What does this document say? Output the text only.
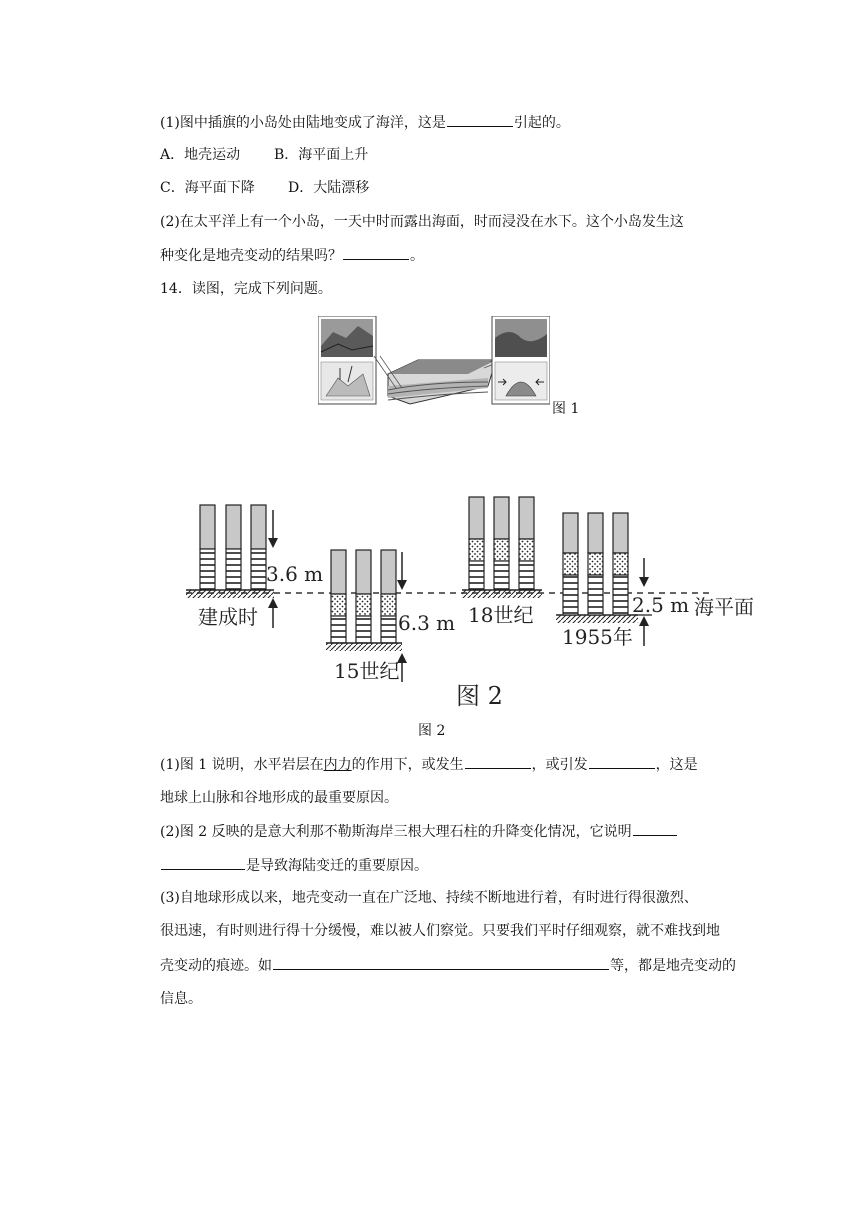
(1)图中插旗的小岛处由陆地变成了海洋，这是	引起的。
A．地壳运动 B．海平面上升
C．海平面下降 D．大陆漂移
(2)在太平洋上有一个小岛，一天中时而露出海面，时而浸没在水下。这个小岛发生这
种变化是地壳变动的结果吗？	。
14．读图，完成下列问题。
图 1
3.6 m
建成时	6.3 m
15世纪
18世纪	2.5 m
1955年
海平面
图 2
图 2
(1)图 1 说明，水平岩层在内力的作用下，或发生	，或引发	，这是
地球上山脉和谷地形成的最重要原因。
(2)图 2 反映的是意大利那不勒斯海岸三根大理石柱的升降变化情况，它说明
是导致海陆变迁的重要原因。
(3)自地球形成以来，地壳变动一直在广泛地、持续不断地进行着，有时进行得很激烈、
很迅速，有时则进行得十分缓慢，难以被人们察觉。只要我们平时仔细观察，就不难找到地
壳变动的痕迹。如	等，都是地壳变动的
信息。
